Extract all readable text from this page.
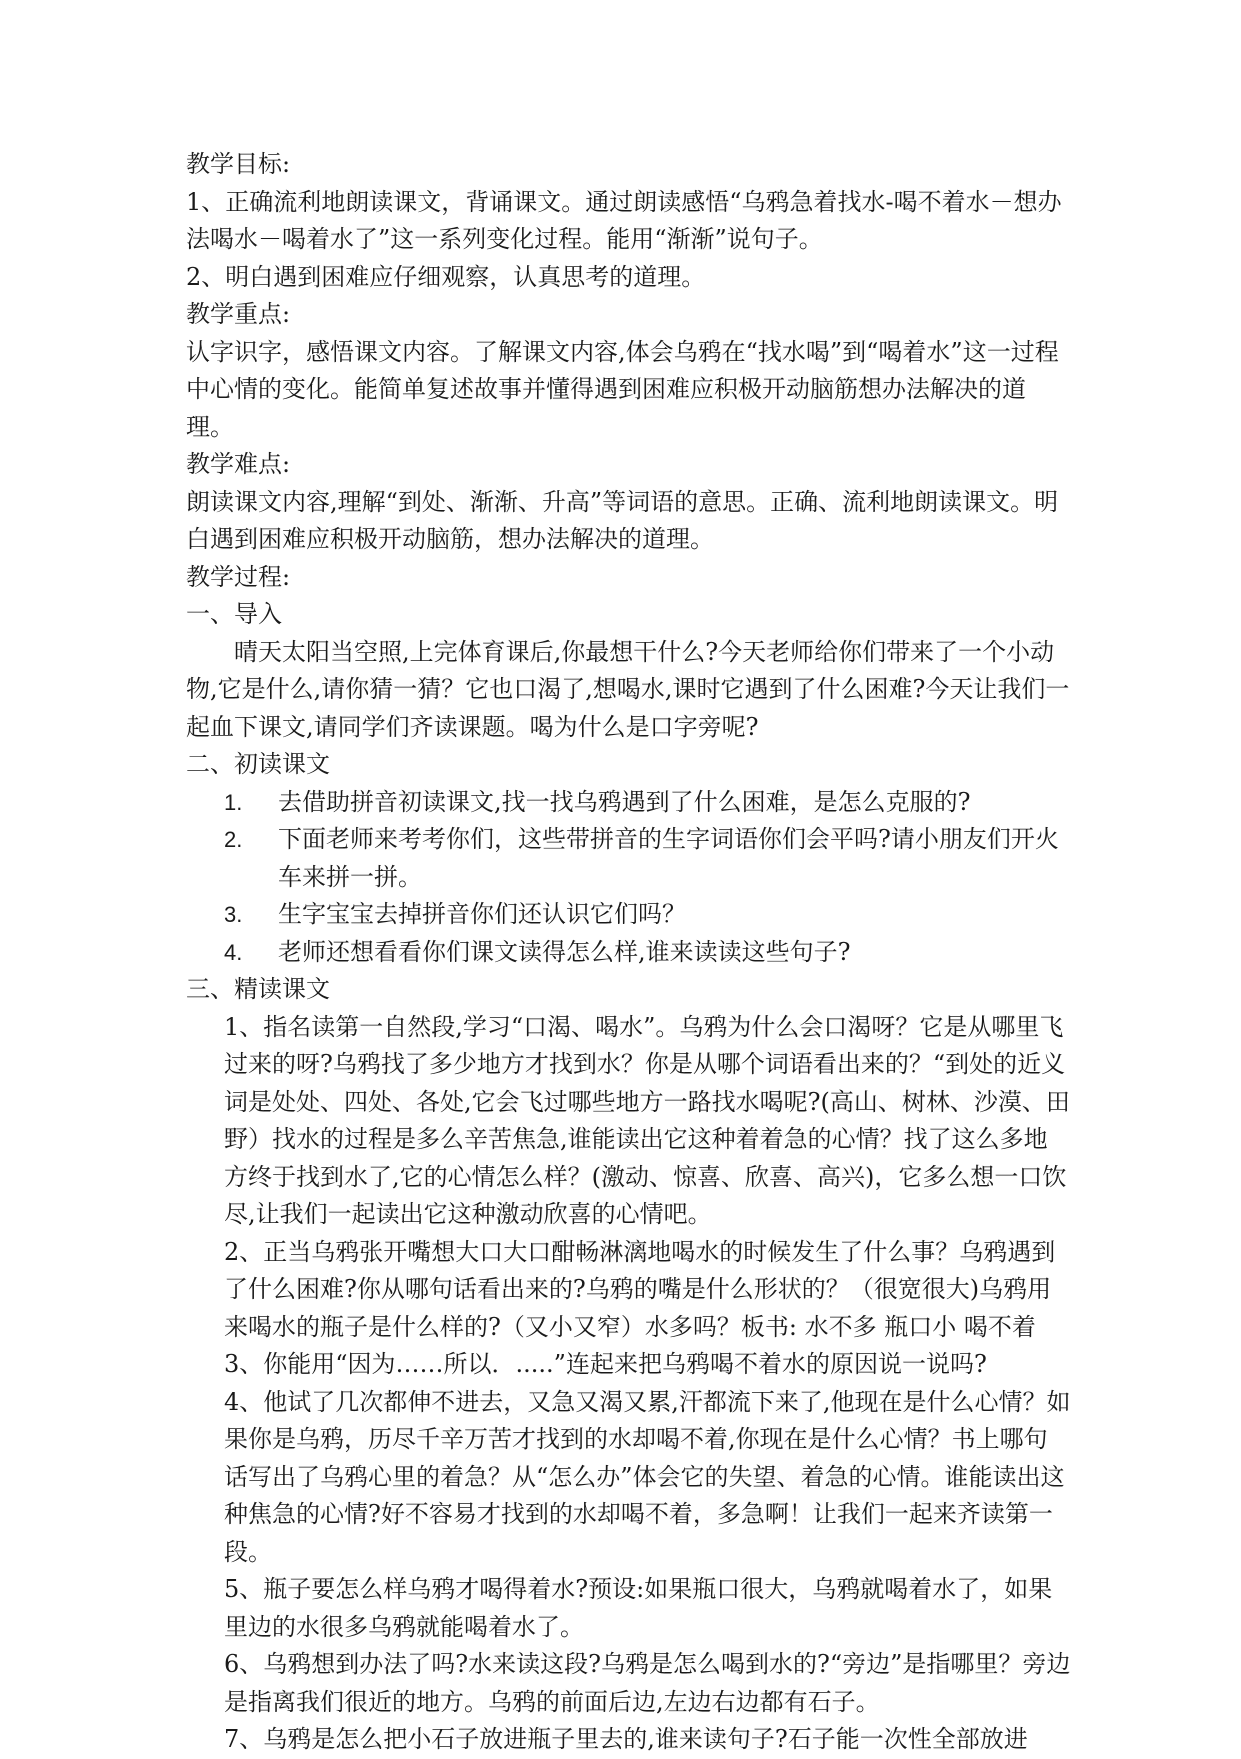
教学目标:

1、正确流利地朗读课文，背诵课文。通过朗读感悟“乌鸦急着找水-喝不着水－想办法喝水－喝着水了”这一系列变化过程。能用“渐渐”说句子。

2、明白遇到困难应仔细观察，认真思考的道理。

教学重点:

认字识字，感悟课文内容。了解课文内容,体会乌鸦在“找水喝”到“喝着水”这一过程中心情的变化。能简单复述故事并懂得遇到困难应积极开动脑筋想办法解决的道理。

教学难点:

朗读课文内容,理解“到处、渐渐、升高”等词语的意思。正确、流利地朗读课文。明白遇到困难应积极开动脑筋，想办法解决的道理。

教学过程:

一、导入

晴天太阳当空照,上完体育课后,你最想干什么?今天老师给你们带来了一个小动物,它是什么,请你猜一猜？它也口渴了,想喝水,课时它遇到了什么困难?今天让我们一起血下课文,请同学们齐读课题。喝为什么是口字旁呢?

二、初读课文

1.	去借助拼音初读课文,找一找乌鸦遇到了什么困难，是怎么克服的?
2.	下面老师来考考你们，这些带拼音的生字词语你们会平吗?请小朋友们开火车来拼一拼。
3.	生字宝宝去掉拼音你们还认识它们吗？
4.	老师还想看看你们课文读得怎么样,谁来读读这些句子?

三、精读课文

1、指名读第一自然段,学习“口渴、喝水”。乌鸦为什么会口渴呀？它是从哪里飞过来的呀?乌鸦找了多少地方才找到水？你是从哪个词语看出来的？“到处的近义词是处处、四处、各处,它会飞过哪些地方一路找水喝呢?(高山、树林、沙漠、田野）找水的过程是多么辛苦焦急,谁能读出它这种着着急的心情？找了这么多地方终于找到水了,它的心情怎么样？(激动、惊喜、欣喜、高兴)，它多么想一口饮尽,让我们一起读出它这种激动欣喜的心情吧。

2、正当乌鸦张开嘴想大口大口酣畅淋漓地喝水的时候发生了什么事？乌鸦遇到了什么困难?你从哪句话看出来的?乌鸦的嘴是什么形状的？（很宽很大)乌鸦用来喝水的瓶子是什么样的?（又小又窄）水多吗？板书: 水不多 瓶口小 喝不着

3、你能用“因为……所以．.....”连起来把乌鸦喝不着水的原因说一说吗?

4、他试了几次都伸不进去，又急又渴又累,汗都流下来了,他现在是什么心情？如果你是乌鸦，历尽千辛万苦才找到的水却喝不着,你现在是什么心情？书上哪句话写出了乌鸦心里的着急？从“怎么办”体会它的失望、着急的心情。谁能读出这种焦急的心情?好不容易才找到的水却喝不着，多急啊！让我们一起来齐读第一段。

5、瓶子要怎么样乌鸦才喝得着水?预设:如果瓶口很大，乌鸦就喝着水了，如果里边的水很多乌鸦就能喝着水了。

6、乌鸦想到办法了吗?水来读这段?乌鸦是怎么喝到水的?“旁边”是指哪里？旁边是指离我们很近的地方。乌鸦的前面后边,左边右边都有石子。

7、乌鸦是怎么把小石子放进瓶子里去的,谁来读句子?石子能一次性全部放进
